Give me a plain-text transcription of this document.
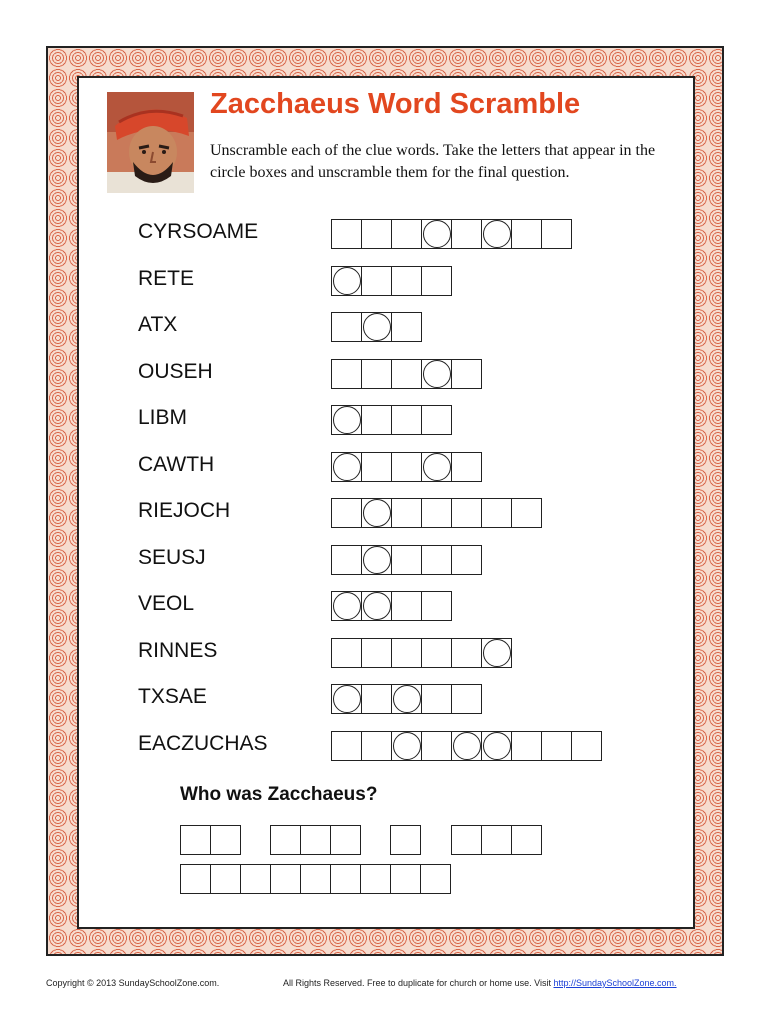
Zacchaeus Word Scramble
Unscramble each of the clue words. Take the letters that appear in the circle boxes and unscramble them for the final question.
CYRSOAME
RETE
ATX
OUSEH
LIBM
CAWTH
RIEJOCH
SEUSJ
VEOL
RINNES
TXSAE
EACZUCHAS
Who was Zacchaeus?
Copyright © 2013 SundaySchoolZone.com.	All Rights Reserved. Free to duplicate for church or home use. Visit http://SundaySchoolZone.com.
